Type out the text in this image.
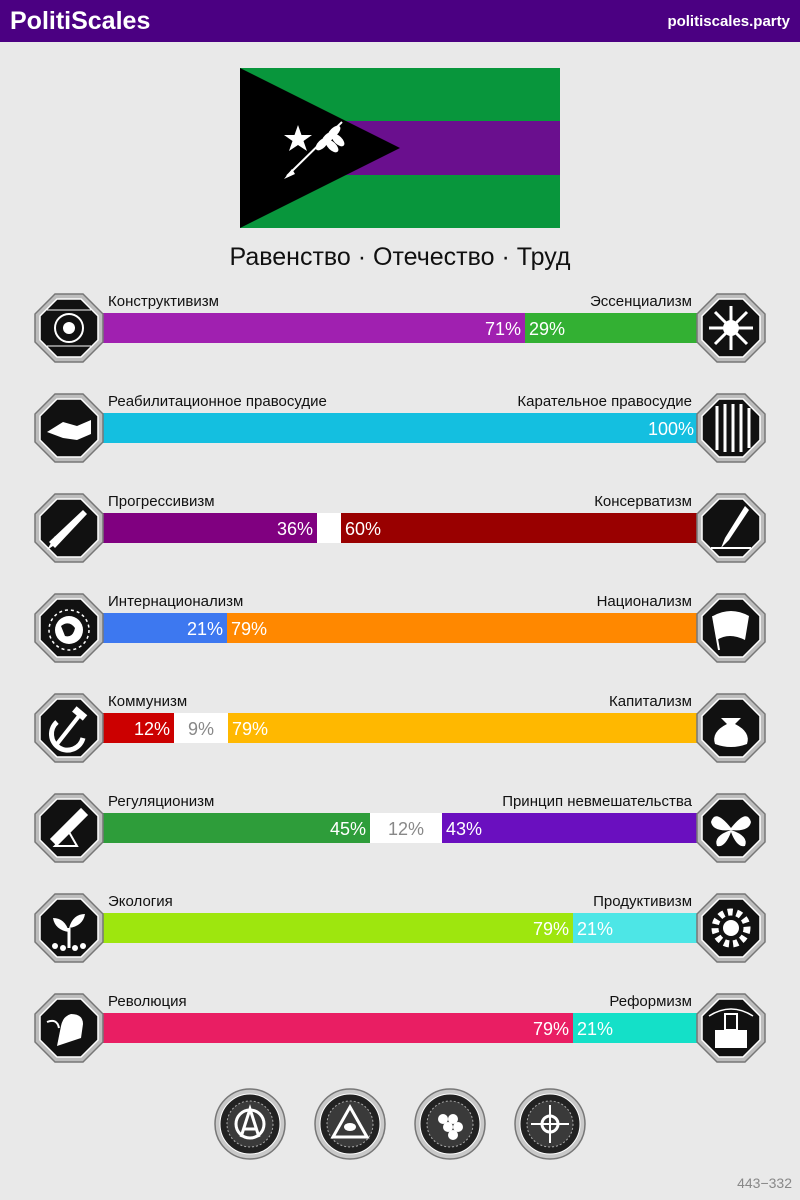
PolitiScales	politiscales.party
Равенство · Отечество · Труд
Конструктивизм	Эссенциализм
71% 29%
Реабилитационное правосудие	Карательное правосудие
100%
Прогрессивизм	Консерватизм
36% 60%
Интернационализм	Национализм
21% 79%
Коммунизм	Капитализм
12% 9%	79%
Регуляционизм	Принцип невмешательства
45%	12%	43%
Экология	Продуктивизм
79% 21%
Революция	Реформизм
79% 21%
443−332
